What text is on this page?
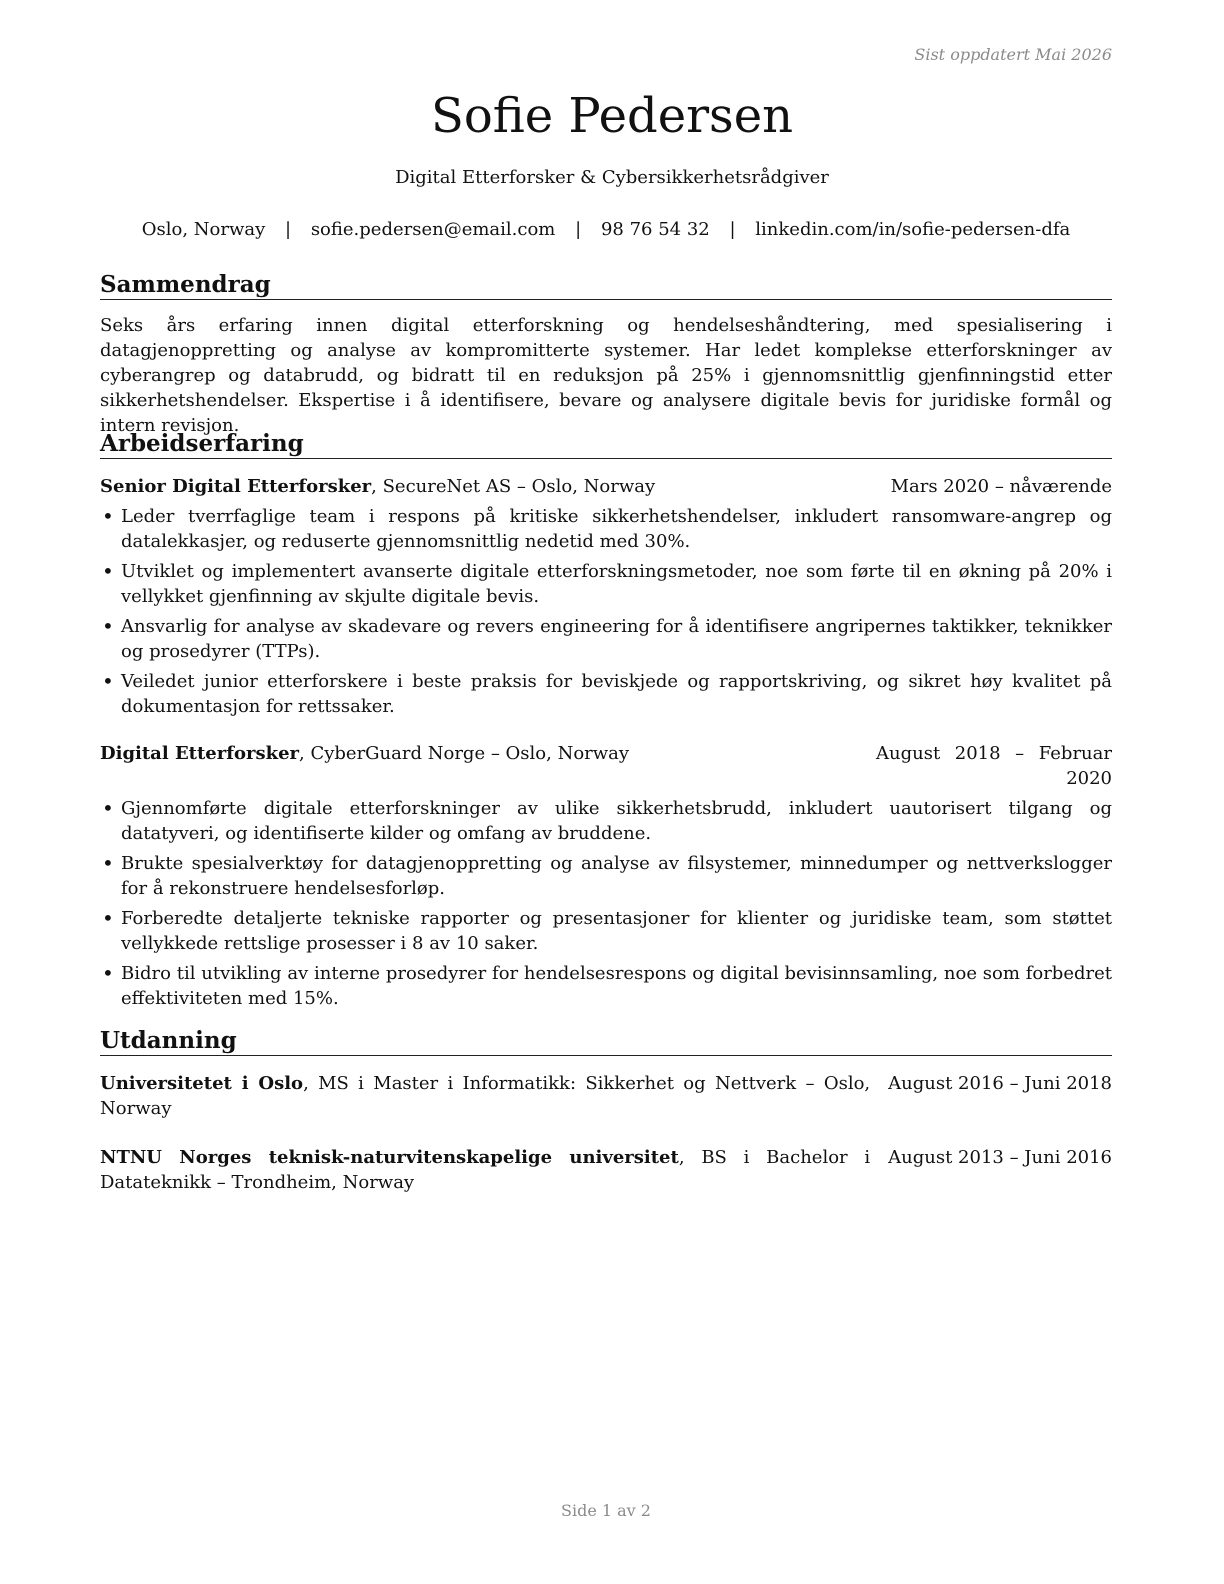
Sist oppdatert Mai 2026
Sofie Pedersen
Digital Etterforsker & Cybersikkerhetsrådgiver
Oslo, Norway | sofie.pedersen@email.com | 98 76 54 32 | linkedin.com/in/sofie-pedersen-dfa
Sammendrag
Seks års erfaring innen digital etterforskning og hendelseshåndtering, med spesialisering i datagjenoppretting og analyse av kompromitterte systemer. Har ledet komplekse etterforskninger av cyberangrep og databrudd, og bidratt til en reduksjon på 25% i gjennomsnittlig gjenfinningstid etter sikkerhetshendelser. Ekspertise i å identifisere, bevare og analysere digitale bevis for juridiske formål og intern revisjon.
Arbeidserfaring
Senior Digital Etterforsker, SecureNet AS – Oslo, Norway	Mars 2020 – nåværende
• Leder tverrfaglige team i respons på kritiske sikkerhetshendelser, inkludert ransomware-angrep og datalekkasjer, og reduserte gjennomsnittlig nedetid med 30%.
• Utviklet og implementert avanserte digitale etterforskningsmetoder, noe som førte til en økning på 20% i vellykket gjenfinning av skjulte digitale bevis.
• Ansvarlig for analyse av skadevare og revers engineering for å identifisere angripernes taktikker, teknikker og prosedyrer (TTPs).
• Veiledet junior etterforskere i beste praksis for beviskjede og rapportskriving, og sikret høy kvalitet på dokumentasjon for rettssaker.
Digital Etterforsker, CyberGuard Norge – Oslo, Norway	August 2018 – Februar 2020
• Gjennomførte digitale etterforskninger av ulike sikkerhetsbrudd, inkludert uautorisert tilgang og datatyveri, og identifiserte kilder og omfang av bruddene.
• Brukte spesialverktøy for datagjenoppretting og analyse av filsystemer, minnedumper og nettverkslogger for å rekonstruere hendelsesforløp.
• Forberedte detaljerte tekniske rapporter og presentasjoner for klienter og juridiske team, som støttet vellykkede rettslige prosesser i 8 av 10 saker.
• Bidro til utvikling av interne prosedyrer for hendelsesrespons og digital bevisinnsamling, noe som forbedret effektiviteten med 15%.
Utdanning
Universitetet i Oslo, MS i Master i Informatikk: Sikkerhet og Nettverk – Oslo, Norway
August 2016 – Juni 2018
NTNU Norges teknisk-naturvitenskapelige universitet, BS i Bachelor i Datateknikk – Trondheim, Norway
August 2013 – Juni 2016
Side 1 av 2
